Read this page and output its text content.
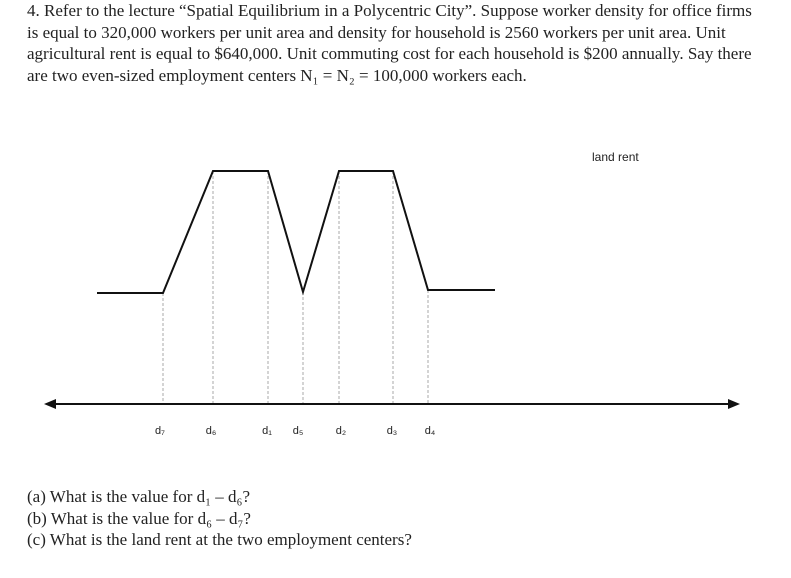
4. Refer to the lecture “Spatial Equilibrium in a Polycentric City”. Suppose worker density for office firms is equal to 320,000 workers per unit area and density for household is 2560 workers per unit area. Unit agricultural rent is equal to $640,000. Unit commuting cost for each household is $200 annually. Say there are two even-sized employment centers N₁ = N₂ = 100,000 workers each.

land rent
d₇	d₆	d₁ d₅	d₂	d₃ d₄

(a) What is the value for d₁ – d₆?

(b) What is the value for d₆ – d₇?

(c) What is the land rent at the two employment centers?
